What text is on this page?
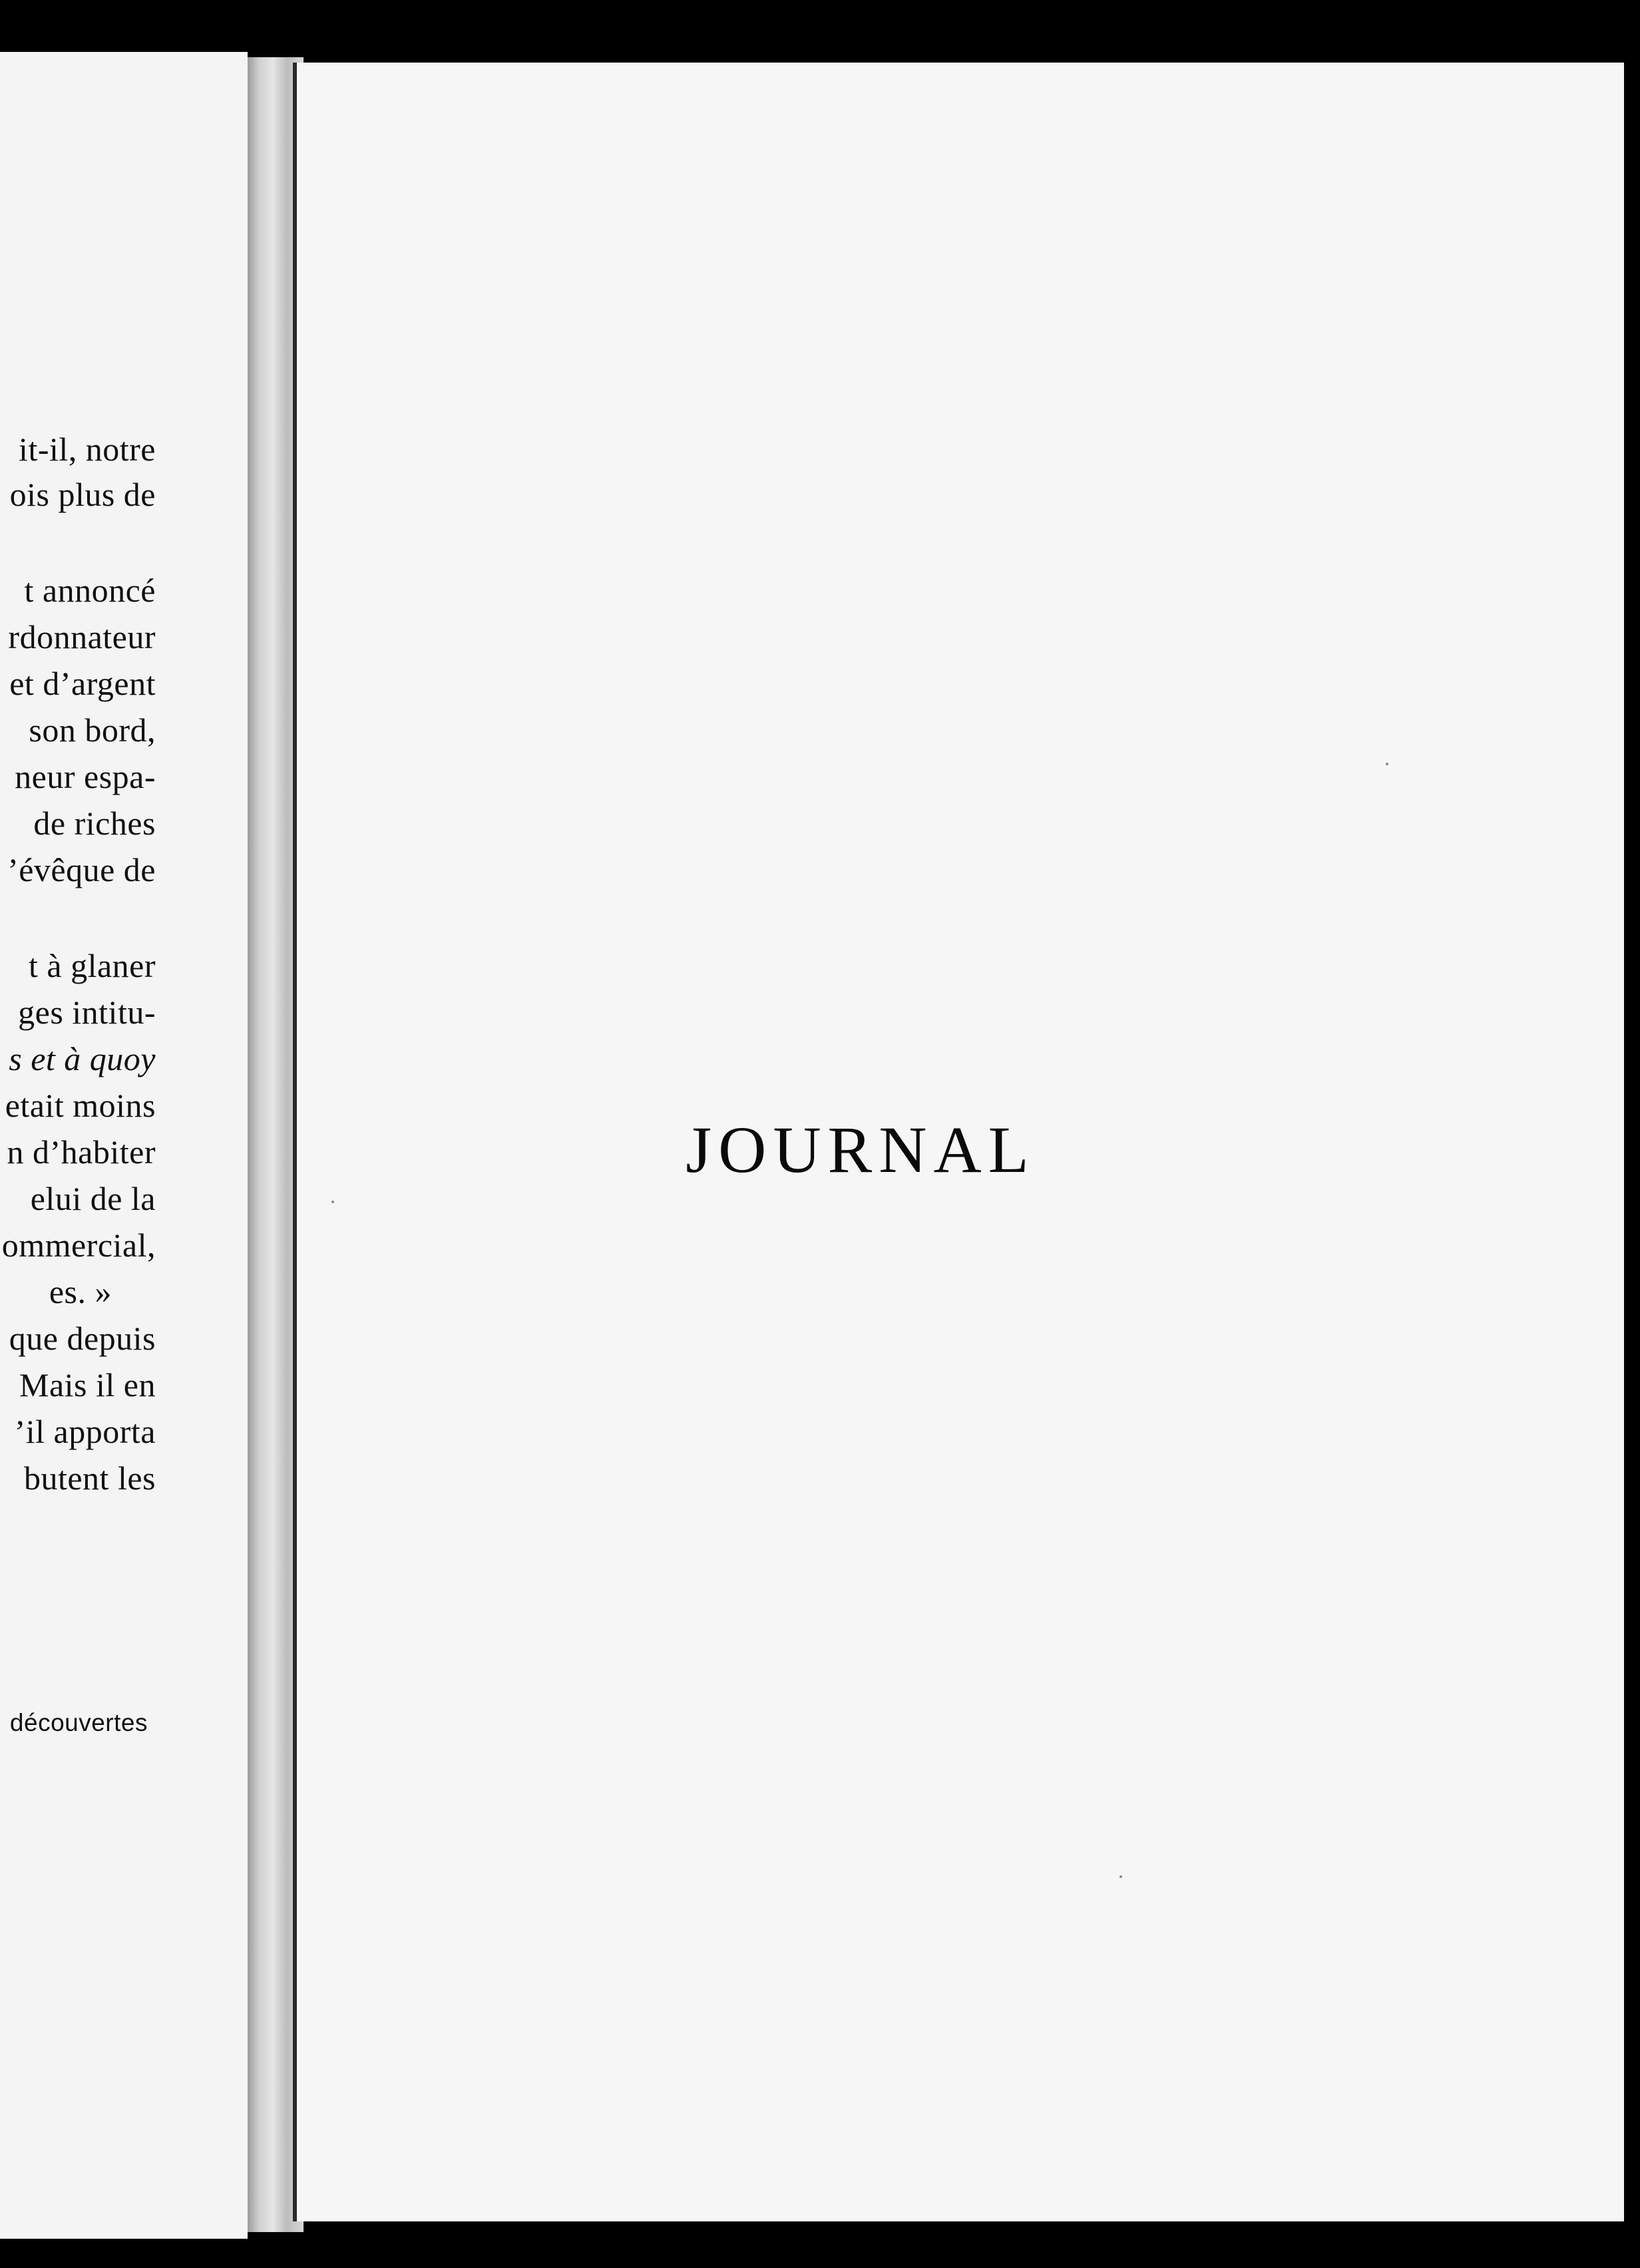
it-il, notre
ois plus de
t annoncé
rdonnateur
et d’argent
son bord,
neur espa-
de riches
’évêque de
t à glaner
ges intitu-
s et à quoy
etait moins
n d’habiter
elui de la
ommercial,
es. »
que depuis
Mais il en
’il apporta
butent les
découvertes
JOURNAL
